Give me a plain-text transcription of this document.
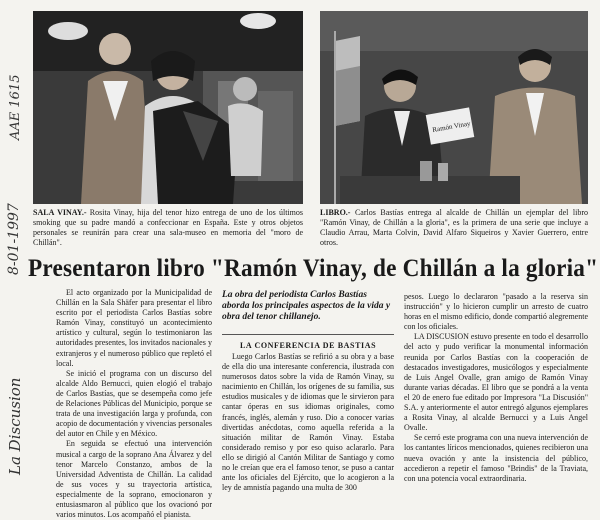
AAE 1615
8-01-1997
La Discusion
SALA VINAY.- Rosita Vinay, hija del tenor hizo entrega de uno de los últimos smoking que su padre mandó a confeccionar en España. Este y otros objetos personales se reunirán para crear una sala-museo en memoria del "moro de Chillán".
Ramón Vinay
LIBRO.- Carlos Bastías entrega al alcalde de Chillán un ejemplar del libro "Ramón Vinay, de Chillán a la gloria", es la primera de una serie que incluye a Claudio Arrau, Marta Colvin, David Alfaro Siqueiros y Xavier Guerrero, entre otros.
Presentaron libro "Ramón Vinay, de Chillán a la gloria"

El acto organizado por la Municipalidad de Chillán en la Sala Shäfer para presentar el libro escrito por el periodista Carlos Bastías sobre Ramón Vinay, constituyó un acontecimiento artístico y cultural, según lo testimoniaron las autoridades presentes, los invitados nacionales y extranjeros y el numeroso público que repletó el local.

Se inició el programa con un discurso del alcalde Aldo Bernucci, quien elogió el trabajo de Carlos Bastías, que se desempeña como jefe de Relaciones Públicas del Municipio, porque se trata de una investigación larga y profunda, con acopio de documentación y vivencias personales del autor en Chile y en México.

En seguida se efectuó una intervención musical a cargo de la soprano Ana Álvarez y del tenor Marcelo Constanzo, ambos de la Universidad Adventista de Chillán. La calidad de sus voces y su trayectoria artística, especialmente de la soprano, emocionaron y entusiasmaron al público que los ovacionó por varios minutos. Los acompañó el pianista.

La obra del periodista Carlos Bastías aborda los principales aspectos de la vida y obra del tenor chillanejo.
LA CONFERENCIA DE BASTIAS

Luego Carlos Bastías se refirió a su obra y a base de ella dio una interesante conferencia, ilustrada con numerosos datos sobre la vida de Ramón Vinay, su nacimiento en Chillán, los orígenes de su familia, sus estudios musicales y de idiomas que le sirvieron para cantar óperas en sus idiomas originales, como francés, inglés, alemán y ruso. Dio a conocer varias divertidas anécdotas, como aquella referida a la situación militar de Ramón Vinay. Estaba considerado remiso y por eso quiso aclararlo. Para ello se dirigió al Cantón Militar de Santiago y como no le creían que era el famoso tenor, se puso a cantar ante los oficiales del Ejército, que lo acogieron a la ley de amnistía pagando una multa de 300

pesos. Luego lo declararon "pasado a la reserva sin instrucción" y lo hicieron cumplir un arresto de cuatro horas en el mismo edificio, donde compartió alegremente con los oficiales.

LA DISCUSION estuvo presente en todo el desarrollo del acto y pudo verificar la monumental información reunida por Carlos Bastías con la cooperación de destacados investigadores, musicólogos y especialmente de Luis Angel Ovalle, gran amigo de Ramón Vinay durante varias décadas. El libro que se pondrá a la venta el 20 de enero fue editado por Impresora "La Discusión" S.A. y anteriormente el autor entregó algunos ejemplares a Rosita Vinay, al alcalde Bernucci y a Luis Angel Ovalle.

Se cerró este programa con una nueva intervención de los cantantes líricos mencionados, quienes recibieron una nueva ovación y ante la insistencia del público, accedieron a repetir el famoso "Brindis" de la Traviata, con una potencia vocal extraordinaria.
